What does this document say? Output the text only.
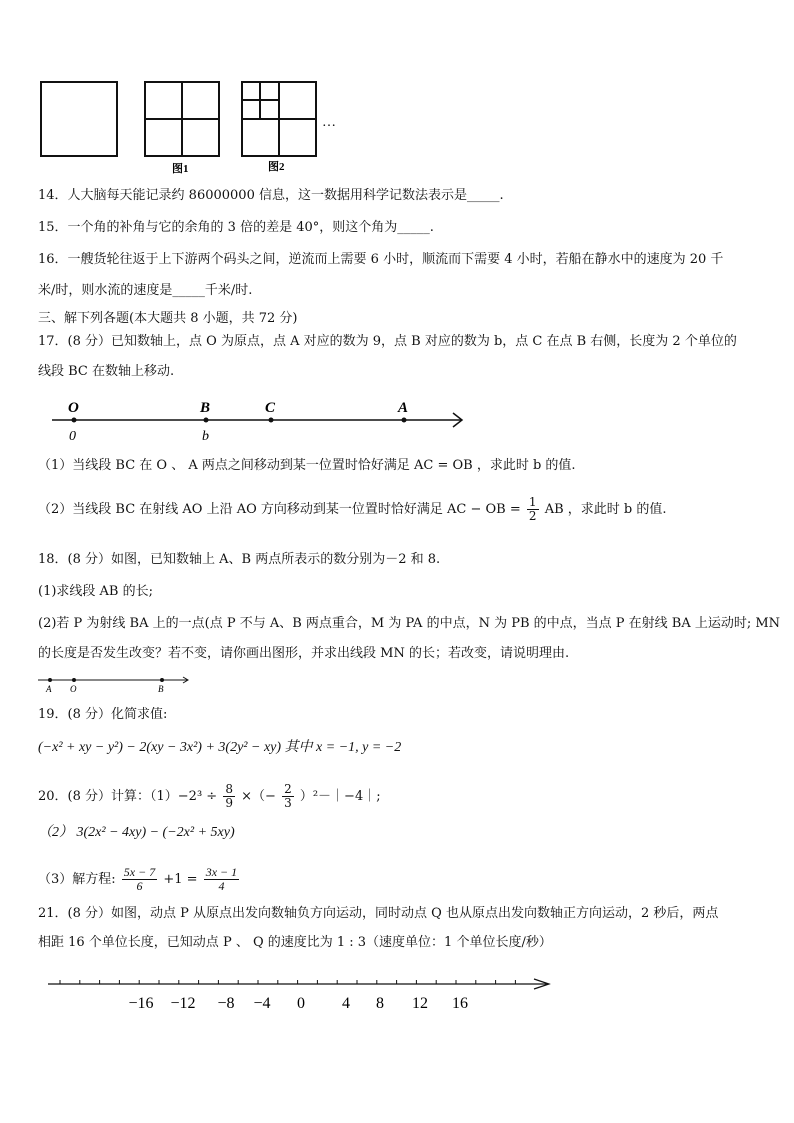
…
图1	图2
14．人大脑每天能记录约 86000000 信息，这一数据用科学记数法表示是_____.
15．一个角的补角与它的余角的 3 倍的差是 40°，则这个角为_____.
16．一艘货轮往返于上下游两个码头之间，逆流而上需要 6 小时，顺流而下需要 4 小时，若船在静水中的速度为 20 千
米/时，则水流的速度是_____千米/时.
三、解下列各题(本大题共 8 小题，共 72 分)
17．(8 分）已知数轴上，点 O 为原点，点 A 对应的数为 9，点 B 对应的数为 b，点 C 在点 B 右侧，长度为 2 个单位的
线段 BC 在数轴上移动.
O
0
B
b
C	A
（1）当线段 BC 在 O 、 A 两点之间移动到某一位置时恰好满足 AC = OB ，求此时 b 的值.
（2）当线段 BC 在射线 AO 上沿 AO 方向移动到某一位置时恰好满足 AC − OB = $\frac{1}{2}$ AB ，求此时 b 的值.
18．(8 分）如图，已知数轴上 A、B 两点所表示的数分别为－2 和 8.
(1)求线段 AB 的长;
(2)若 P 为射线 BA 上的一点(点 P 不与 A、B 两点重合，M 为 PA 的中点，N 为 PB 的中点，当点 P 在射线 BA 上运动时; MN
的长度是否发生改变？若不变，请你画出图形，并求出线段 MN 的长；若改变，请说明理由.
A O	B
19．(8 分）化简求值:
(−x² + xy − y²) − 2(xy − 3x²) + 3(2y² − xy) 其中 x = −1, y = −2
20．(8 分）计算：$(1)-2^3 \div \frac{8}{9}$ ×（− $\frac{2}{3}$ ）²－｜−4｜;
（2） 3(2x² − 4xy) − (−2x² + 5xy)
（3）解方程: $\frac{5x - 7}{6} +1 = \frac{3x - 1}{4}$
21．(8 分）如图，动点 P 从原点出发向数轴负方向运动，同时动点 Q 也从原点出发向数轴正方向运动，2 秒后，两点
相距 16 个单位长度，已知动点 P 、 Q 的速度比为 1 : 3（速度单位：1 个单位长度/秒）
−16 −12 −8 −4 0 4 8 12 16
